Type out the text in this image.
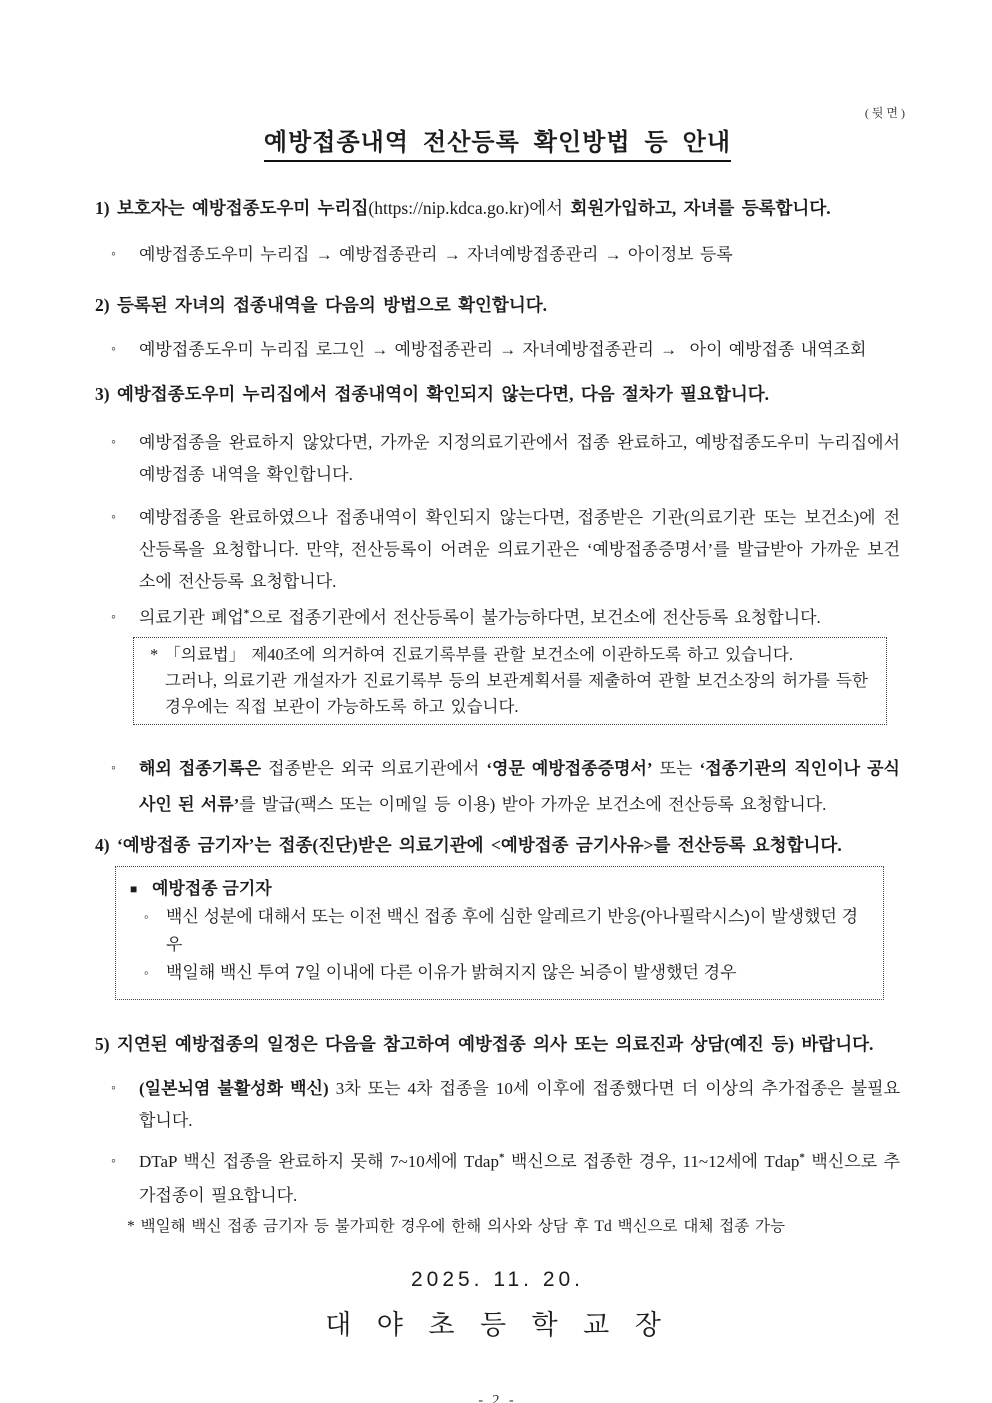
(뒷면)
예방접종내역 전산등록 확인방법 등 안내
1) 보호자는 예방접종도우미 누리집(https://nip.kdca.go.kr)에서 회원가입하고, 자녀를 등록합니다.
◦	예방접종도우미 누리집 → 예방접종관리 → 자녀예방접종관리 → 아이정보 등록
2) 등록된 자녀의 접종내역을 다음의 방법으로 확인합니다.
◦	예방접종도우미 누리집 로그인 → 예방접종관리 → 자녀예방접종관리 →  아이 예방접종 내역조회
3) 예방접종도우미 누리집에서 접종내역이 확인되지 않는다면, 다음 절차가 필요합니다.
◦	예방접종을 완료하지 않았다면, 가까운 지정의료기관에서 접종 완료하고, 예방접종도우미 누리집에서 예방접종 내역을 확인합니다.
◦	예방접종을 완료하였으나 접종내역이 확인되지 않는다면, 접종받은 기관(의료기관 또는 보건소)에 전산등록을 요청합니다. 만약, 전산등록이 어려운 의료기관은 ‘예방접종증명서’를 발급받아 가까운 보건소에 전산등록 요청합니다.
◦	의료기관 폐업*으로 접종기관에서 전산등록이 불가능하다면, 보건소에 전산등록 요청합니다.
* 「의료법」 제40조에 의거하여 진료기록부를 관할 보건소에 이관하도록 하고 있습니다.
그러나, 의료기관 개설자가 진료기록부 등의 보관계획서를 제출하여 관할 보건소장의 허가를 득한
경우에는 직접 보관이 가능하도록 하고 있습니다.
◦	해외 접종기록은 접종받은 외국 의료기관에서 ‘영문 예방접종증명서’ 또는 ‘접종기관의 직인이나 공식 사인 된 서류’를 발급(팩스 또는 이메일 등 이용) 받아 가까운 보건소에 전산등록 요청합니다.
4) ‘예방접종 금기자’는 접종(진단)받은 의료기관에 <예방접종 금기사유>를 전산등록 요청합니다.
■ 예방접종 금기자
◦	백신 성분에 대해서 또는 이전 백신 접종 후에 심한 알레르기 반응(아나필락시스)이 발생했던 경우
◦	백일해 백신 투여 7일 이내에 다른 이유가 밝혀지지 않은 뇌증이 발생했던 경우
5) 지연된 예방접종의 일정은 다음을 참고하여 예방접종 의사 또는 의료진과 상담(예진 등) 바랍니다.
◦	(일본뇌염 불활성화 백신) 3차 또는 4차 접종을 10세 이후에 접종했다면 더 이상의 추가접종은 불필요합니다.
◦	DTaP 백신 접종을 완료하지 못해 7~10세에 Tdap* 백신으로 접종한 경우, 11~12세에 Tdap* 백신으로 추가접종이 필요합니다.
* 백일해 백신 접종 금기자 등 불가피한 경우에 한해 의사와 상담 후 Td 백신으로 대체 접종 가능
2025. 11. 20.
대 야 초 등 학 교 장
- 2 -
